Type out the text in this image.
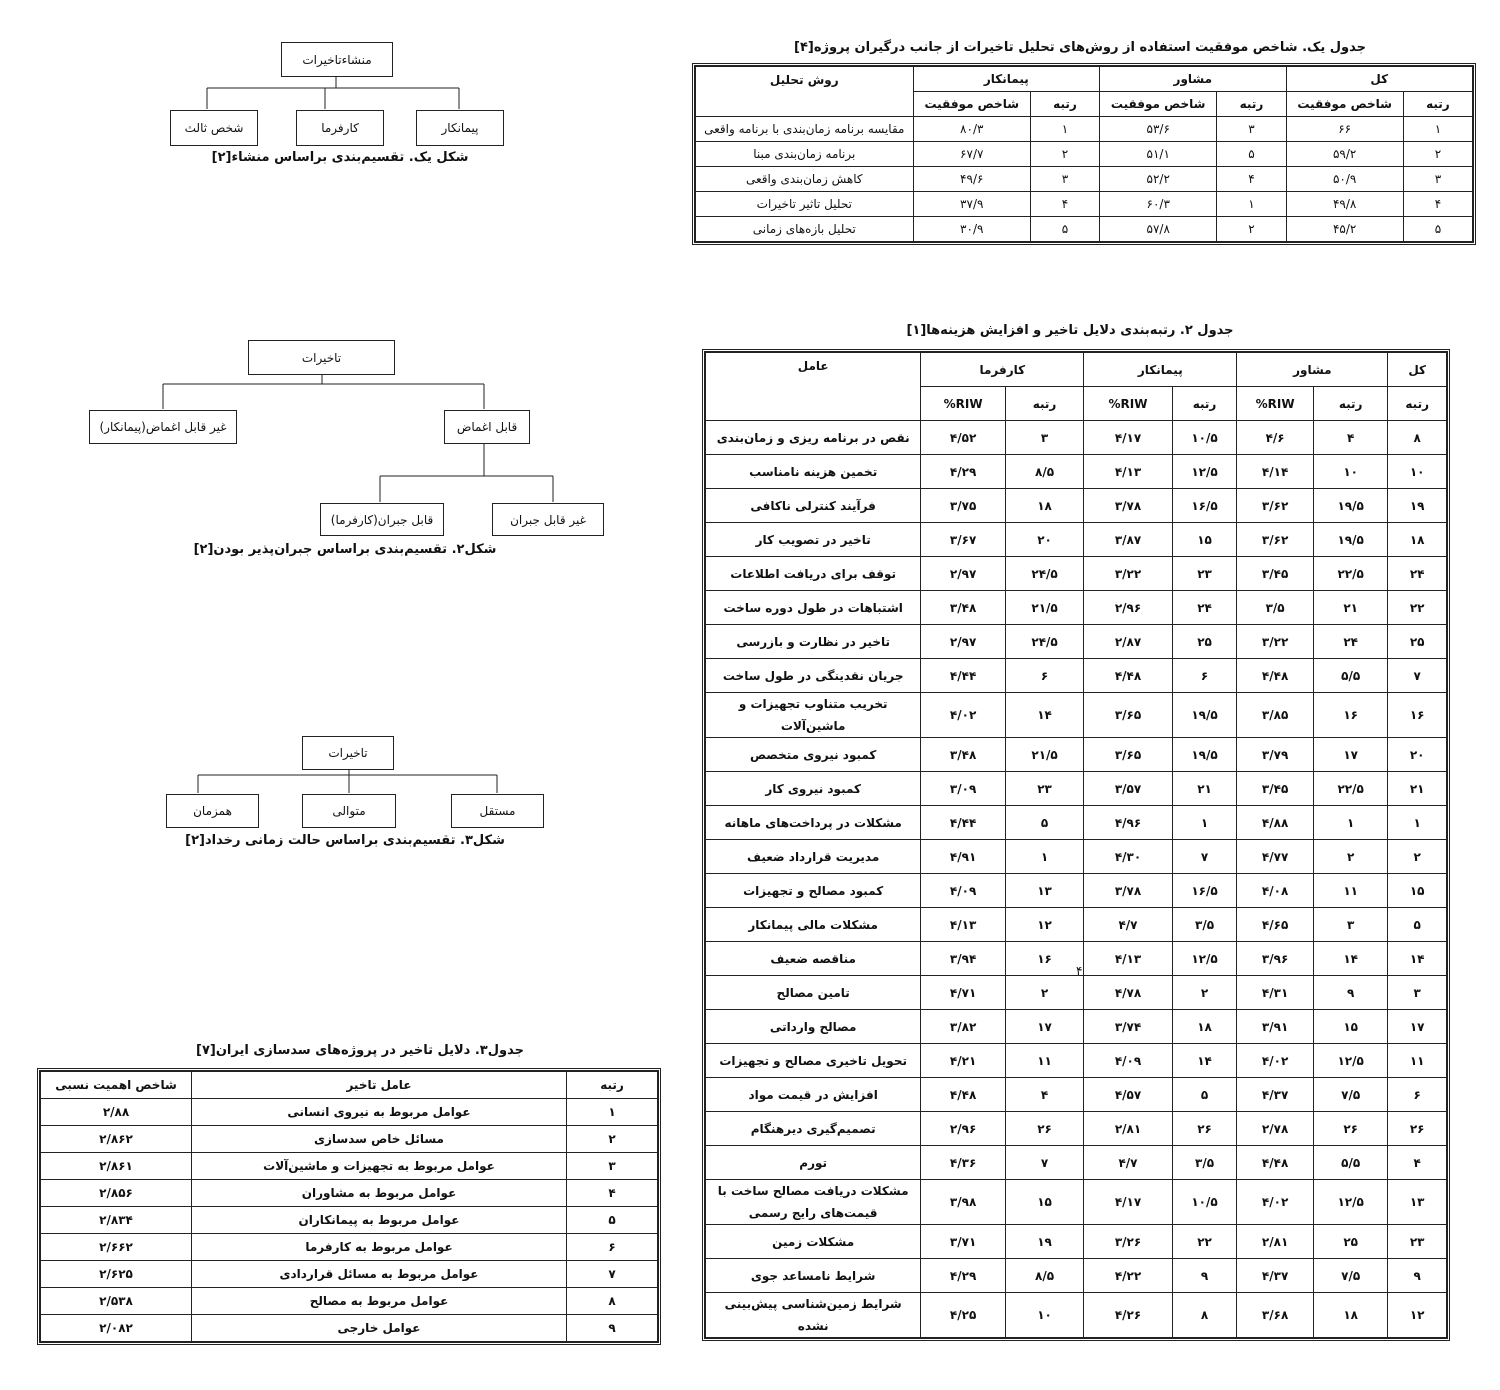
منشاءتاخیرات
پیمانکار
کارفرما
شخص ثالث
شکل یک. تقسیم‌بندی براساس منشاء[۲]
تاخیرات
قابل اغماض
غیر قابل اغماض(پیمانکار)
قابل جبران(کارفرما)	غیر قابل جبران
شکل۲. تقسیم‌بندی براساس جبران‌پذیر بودن[۲]
تاخیرات
مستقل
متوالی
همزمان
شکل۳. تقسیم‌بندی براساس حالت زمانی رخداد[۲]
جدول یک. شاخص موفقیت استفاده از روش‌های تحلیل تاخیرات از جانب درگیران پروژه[۴]
کل		مشاور		پیمانکار		روش تحلیل
رتبه	شاخص موفقیت	رتبه	شاخص موفقیت	رتبه	شاخص موفقیت	
۱	۶۶	۳	۵۳/۶	۱	۸۰/۳	مقایسه برنامه زمان‌بندی با برنامه واقعی
۲	۵۹/۲	۵	۵۱/۱	۲	۶۷/۷	برنامه زمان‌بندی مبنا
۳	۵۰/۹	۴	۵۲/۲	۳	۴۹/۶	کاهش زمان‌بندی واقعی
۴	۴۹/۸	۱	۶۰/۳	۴	۳۷/۹	تحلیل تاثیر تاخیرات
۵	۴۵/۲	۲	۵۷/۸	۵	۳۰/۹	تحلیل بازه‌های زمانی
جدول ۲. رتبه‌بندی دلایل تاخیر و افزایش هزینه‌ها[۱]
کل	مشاور		پیمانکار		کارفرما		عامل
رتبه	رتبه	RIW%	رتبه	RIW%	رتبه	RIW%	
۸	۴	۴/۶	۱۰/۵	۴/۱۷	۳	۴/۵۲	نقص در برنامه ریزی و زمان‌بندی
۱۰	۱۰	۴/۱۴	۱۲/۵	۴/۱۳	۸/۵	۴/۲۹	تخمین هزینه نامناسب
۱۹	۱۹/۵	۳/۶۲	۱۶/۵	۳/۷۸	۱۸	۳/۷۵	فرآیند کنترلی ناکافی
۱۸	۱۹/۵	۳/۶۲	۱۵	۳/۸۷	۲۰	۳/۶۷	تاخیر در تصویب کار
۲۴	۲۲/۵	۳/۴۵	۲۳	۳/۲۲	۲۴/۵	۲/۹۷	توقف برای دریافت اطلاعات
۲۲	۲۱	۳/۵	۲۴	۲/۹۶	۲۱/۵	۳/۴۸	اشتباهات در طول دوره ساخت
۲۵	۲۴	۳/۲۲	۲۵	۲/۸۷	۲۴/۵	۲/۹۷	تاخیر در نظارت و بازرسی
۷	۵/۵	۴/۴۸	۶	۴/۴۸	۶	۴/۴۴	جریان نقدینگی در طول ساخت
۱۶	۱۶	۳/۸۵	۱۹/۵	۳/۶۵	۱۴	۴/۰۲	تخریب متناوب تجهیزات و ماشین‌آلات
۲۰	۱۷	۳/۷۹	۱۹/۵	۳/۶۵	۲۱/۵	۳/۴۸	کمبود نیروی متخصص
۲۱	۲۲/۵	۳/۴۵	۲۱	۳/۵۷	۲۳	۳/۰۹	کمبود نیروی کار
۱	۱	۴/۸۸	۱	۴/۹۶	۵	۴/۴۴	مشکلات در پرداخت‌های ماهانه
۲	۲	۴/۷۷	۷	۴/۳۰	۱	۴/۹۱	مدیریت قرارداد ضعیف
۱۵	۱۱	۴/۰۸	۱۶/۵	۳/۷۸	۱۳	۴/۰۹	کمبود مصالح و تجهیزات
۵	۳	۴/۶۵	۳/۵	۴/۷	۱۲	۴/۱۳	مشکلات مالی پیمانکار
۱۴	۱۴	۳/۹۶	۱۲/۵	۴/۱۳	۱۶	۳/۹۴	مناقصه ضعیف
۳	۹	۴/۳۱	۲	۴/۷۸	۲	۴/۷۱	تامین مصالح
۱۷	۱۵	۳/۹۱	۱۸	۳/۷۴	۱۷	۳/۸۲	مصالح وارداتی
۱۱	۱۲/۵	۴/۰۲	۱۴	۴/۰۹	۱۱	۴/۲۱	تحویل تاخیری مصالح و تجهیزات
۶	۷/۵	۴/۳۷	۵	۴/۵۷	۴	۴/۴۸	افزایش در قیمت مواد
۲۶	۲۶	۲/۷۸	۲۶	۲/۸۱	۲۶	۲/۹۶	تصمیم‌گیری دیرهنگام
۴	۵/۵	۴/۴۸	۳/۵	۴/۷	۷	۴/۳۶	تورم
۱۳	۱۲/۵	۴/۰۲	۱۰/۵	۴/۱۷	۱۵	۳/۹۸	مشکلات دریافت مصالح ساخت با قیمت‌های رایج رسمی
۲۳	۲۵	۲/۸۱	۲۲	۳/۲۶	۱۹	۳/۷۱	مشکلات زمین
۹	۷/۵	۴/۳۷	۹	۴/۲۲	۸/۵	۴/۲۹	شرایط نامساعد جوی
۱۲	۱۸	۳/۶۸	۸	۴/۲۶	۱۰	۴/۲۵	شرایط زمین‌شناسی پیش‌بینی نشده
۴
جدول۳. دلایل تاخیر در پروژه‌های سدسازی ایران[۷]
رتبه	عامل تاخیر	شاخص اهمیت نسبی
۱	عوامل مربوط به نیروی انسانی	۲/۸۸
۲	مسائل خاص سدسازی	۲/۸۶۲
۳	عوامل مربوط به تجهیزات و ماشین‌آلات	۲/۸۶۱
۴	عوامل مربوط به مشاوران	۲/۸۵۶
۵	عوامل مربوط به پیمانکاران	۲/۸۳۴
۶	عوامل مربوط به کارفرما	۲/۶۶۲
۷	عوامل مربوط به مسائل قراردادی	۲/۶۲۵
۸	عوامل مربوط به مصالح	۲/۵۳۸
۹	عوامل خارجی	۲/۰۸۲
